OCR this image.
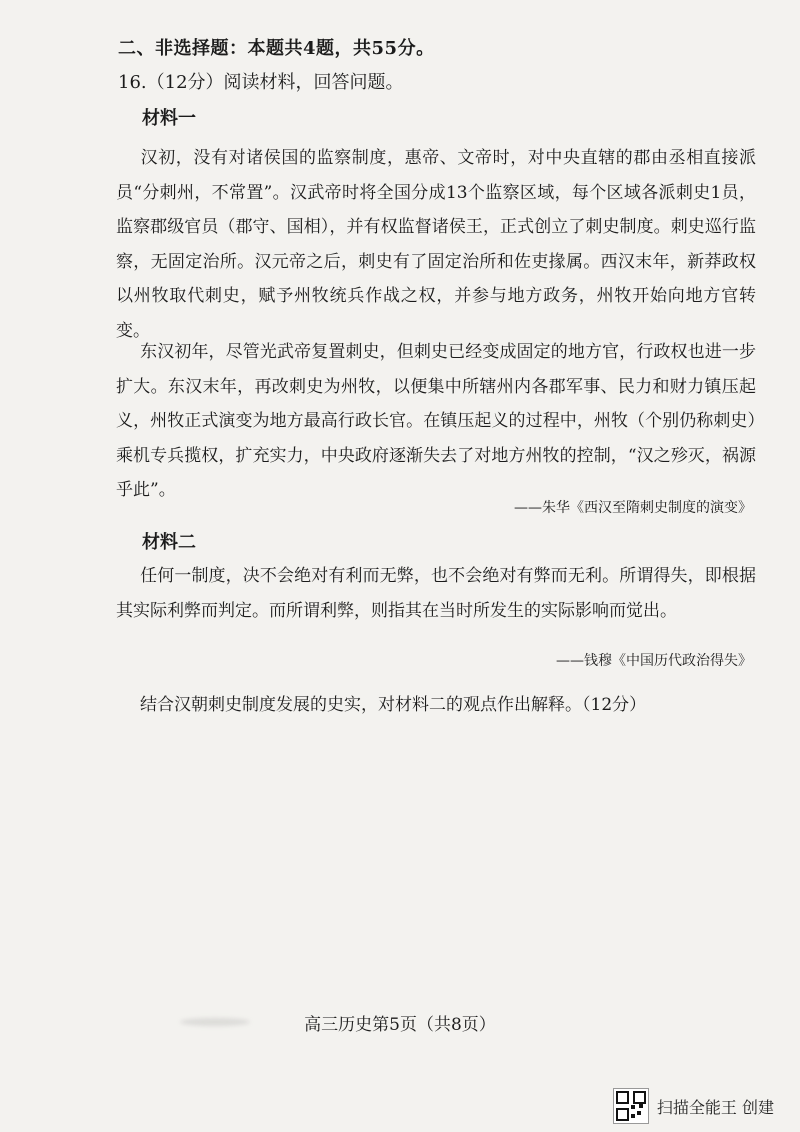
二、非选择题：本题共4题，共55分。
16.（12分）阅读材料，回答问题。
材料一
汉初，没有对诸侯国的监察制度，惠帝、文帝时，对中央直辖的郡由丞相直接派员“分刺州，不常置”。汉武帝时将全国分成13个监察区域，每个区域各派刺史1员，监察郡级官员（郡守、国相），并有权监督诸侯王，正式创立了刺史制度。刺史巡行监察，无固定治所。汉元帝之后，刺史有了固定治所和佐吏掾属。西汉末年，新莽政权以州牧取代刺史，赋予州牧统兵作战之权，并参与地方政务，州牧开始向地方官转变。
东汉初年，尽管光武帝复置刺史，但刺史已经变成固定的地方官，行政权也进一步扩大。东汉末年，再改刺史为州牧，以便集中所辖州内各郡军事、民力和财力镇压起义，州牧正式演变为地方最高行政长官。在镇压起义的过程中，州牧（个别仍称刺史）乘机专兵揽权，扩充实力，中央政府逐渐失去了对地方州牧的控制，“汉之殄灭，祸源乎此”。
——朱华《西汉至隋刺史制度的演变》
材料二
任何一制度，决不会绝对有利而无弊，也不会绝对有弊而无利。所谓得失，即根据其实际利弊而判定。而所谓利弊，则指其在当时所发生的实际影响而觉出。
——钱穆《中国历代政治得失》
结合汉朝刺史制度发展的史实，对材料二的观点作出解释。（12分）
高三历史第5页（共8页）
扫描全能王 创建
